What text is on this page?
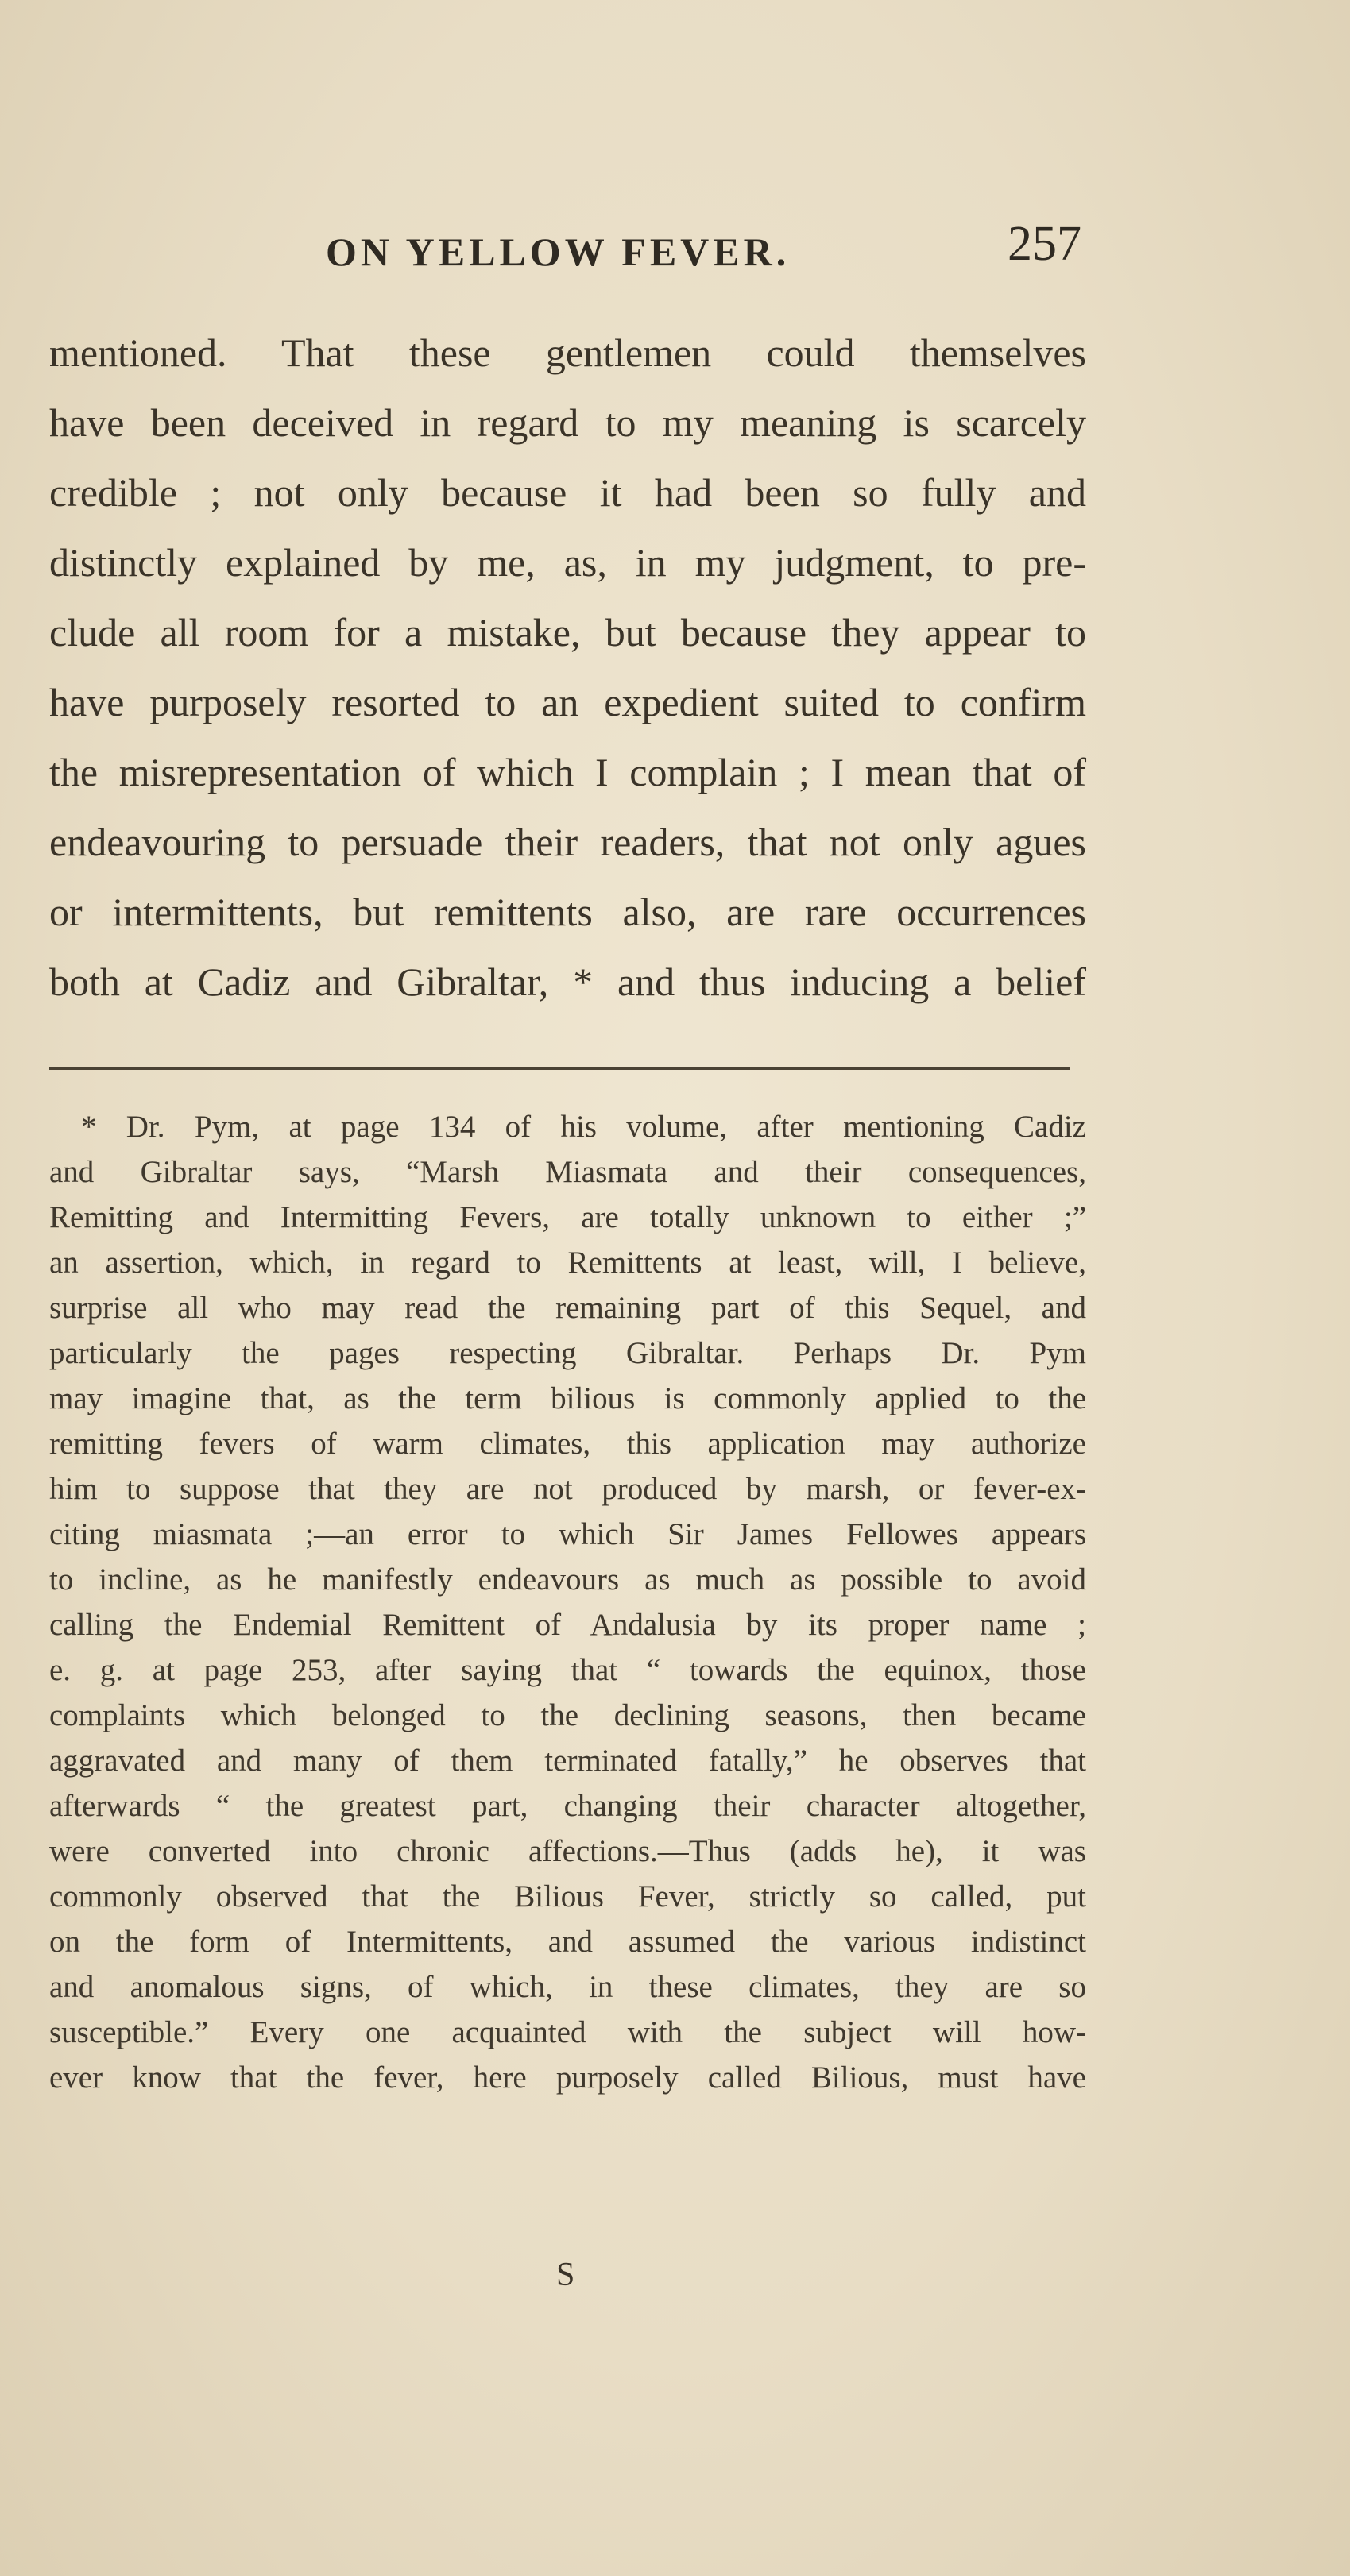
ON YELLOW FEVER.	257
mentioned. That these gentlemen could themselves
have been deceived in regard to my meaning is scarcely
credible ; not only because it had been so fully and
distinctly explained by me, as, in my judgment, to pre-
clude all room for a mistake, but because they appear to
have purposely resorted to an expedient suited to confirm
the misrepresentation of which I complain ; I mean that of
endeavouring to persuade their readers, that not only agues
or intermittents, but remittents also, are rare occurrences
both at Cadiz and Gibraltar, * and thus inducing a belief
* Dr. Pym, at page 134 of his volume, after mentioning Cadiz
and Gibraltar says, “Marsh Miasmata and their consequences,
Remitting and Intermitting Fevers, are totally unknown to either ;”
an assertion, which, in regard to Remittents at least, will, I believe,
surprise all who may read the remaining part of this Sequel, and
particularly the pages respecting Gibraltar. Perhaps Dr. Pym
may imagine that, as the term bilious is commonly applied to the
remitting fevers of warm climates, this application may authorize
him to suppose that they are not produced by marsh, or fever-ex-
citing miasmata ;—an error to which Sir James Fellowes appears
to incline, as he manifestly endeavours as much as possible to avoid
calling the Endemial Remittent of Andalusia by its proper name ;
e. g. at page 253, after saying that “ towards the equinox, those
complaints which belonged to the declining seasons, then became
aggravated and many of them terminated fatally,” he observes that
afterwards “ the greatest part, changing their character altogether,
were converted into chronic affections.—Thus (adds he), it was
commonly observed that the Bilious Fever, strictly so called, put
on the form of Intermittents, and assumed the various indistinct
and anomalous signs, of which, in these climates, they are so
susceptible.” Every one acquainted with the subject will how-
ever know that the fever, here purposely called Bilious, must have
S
